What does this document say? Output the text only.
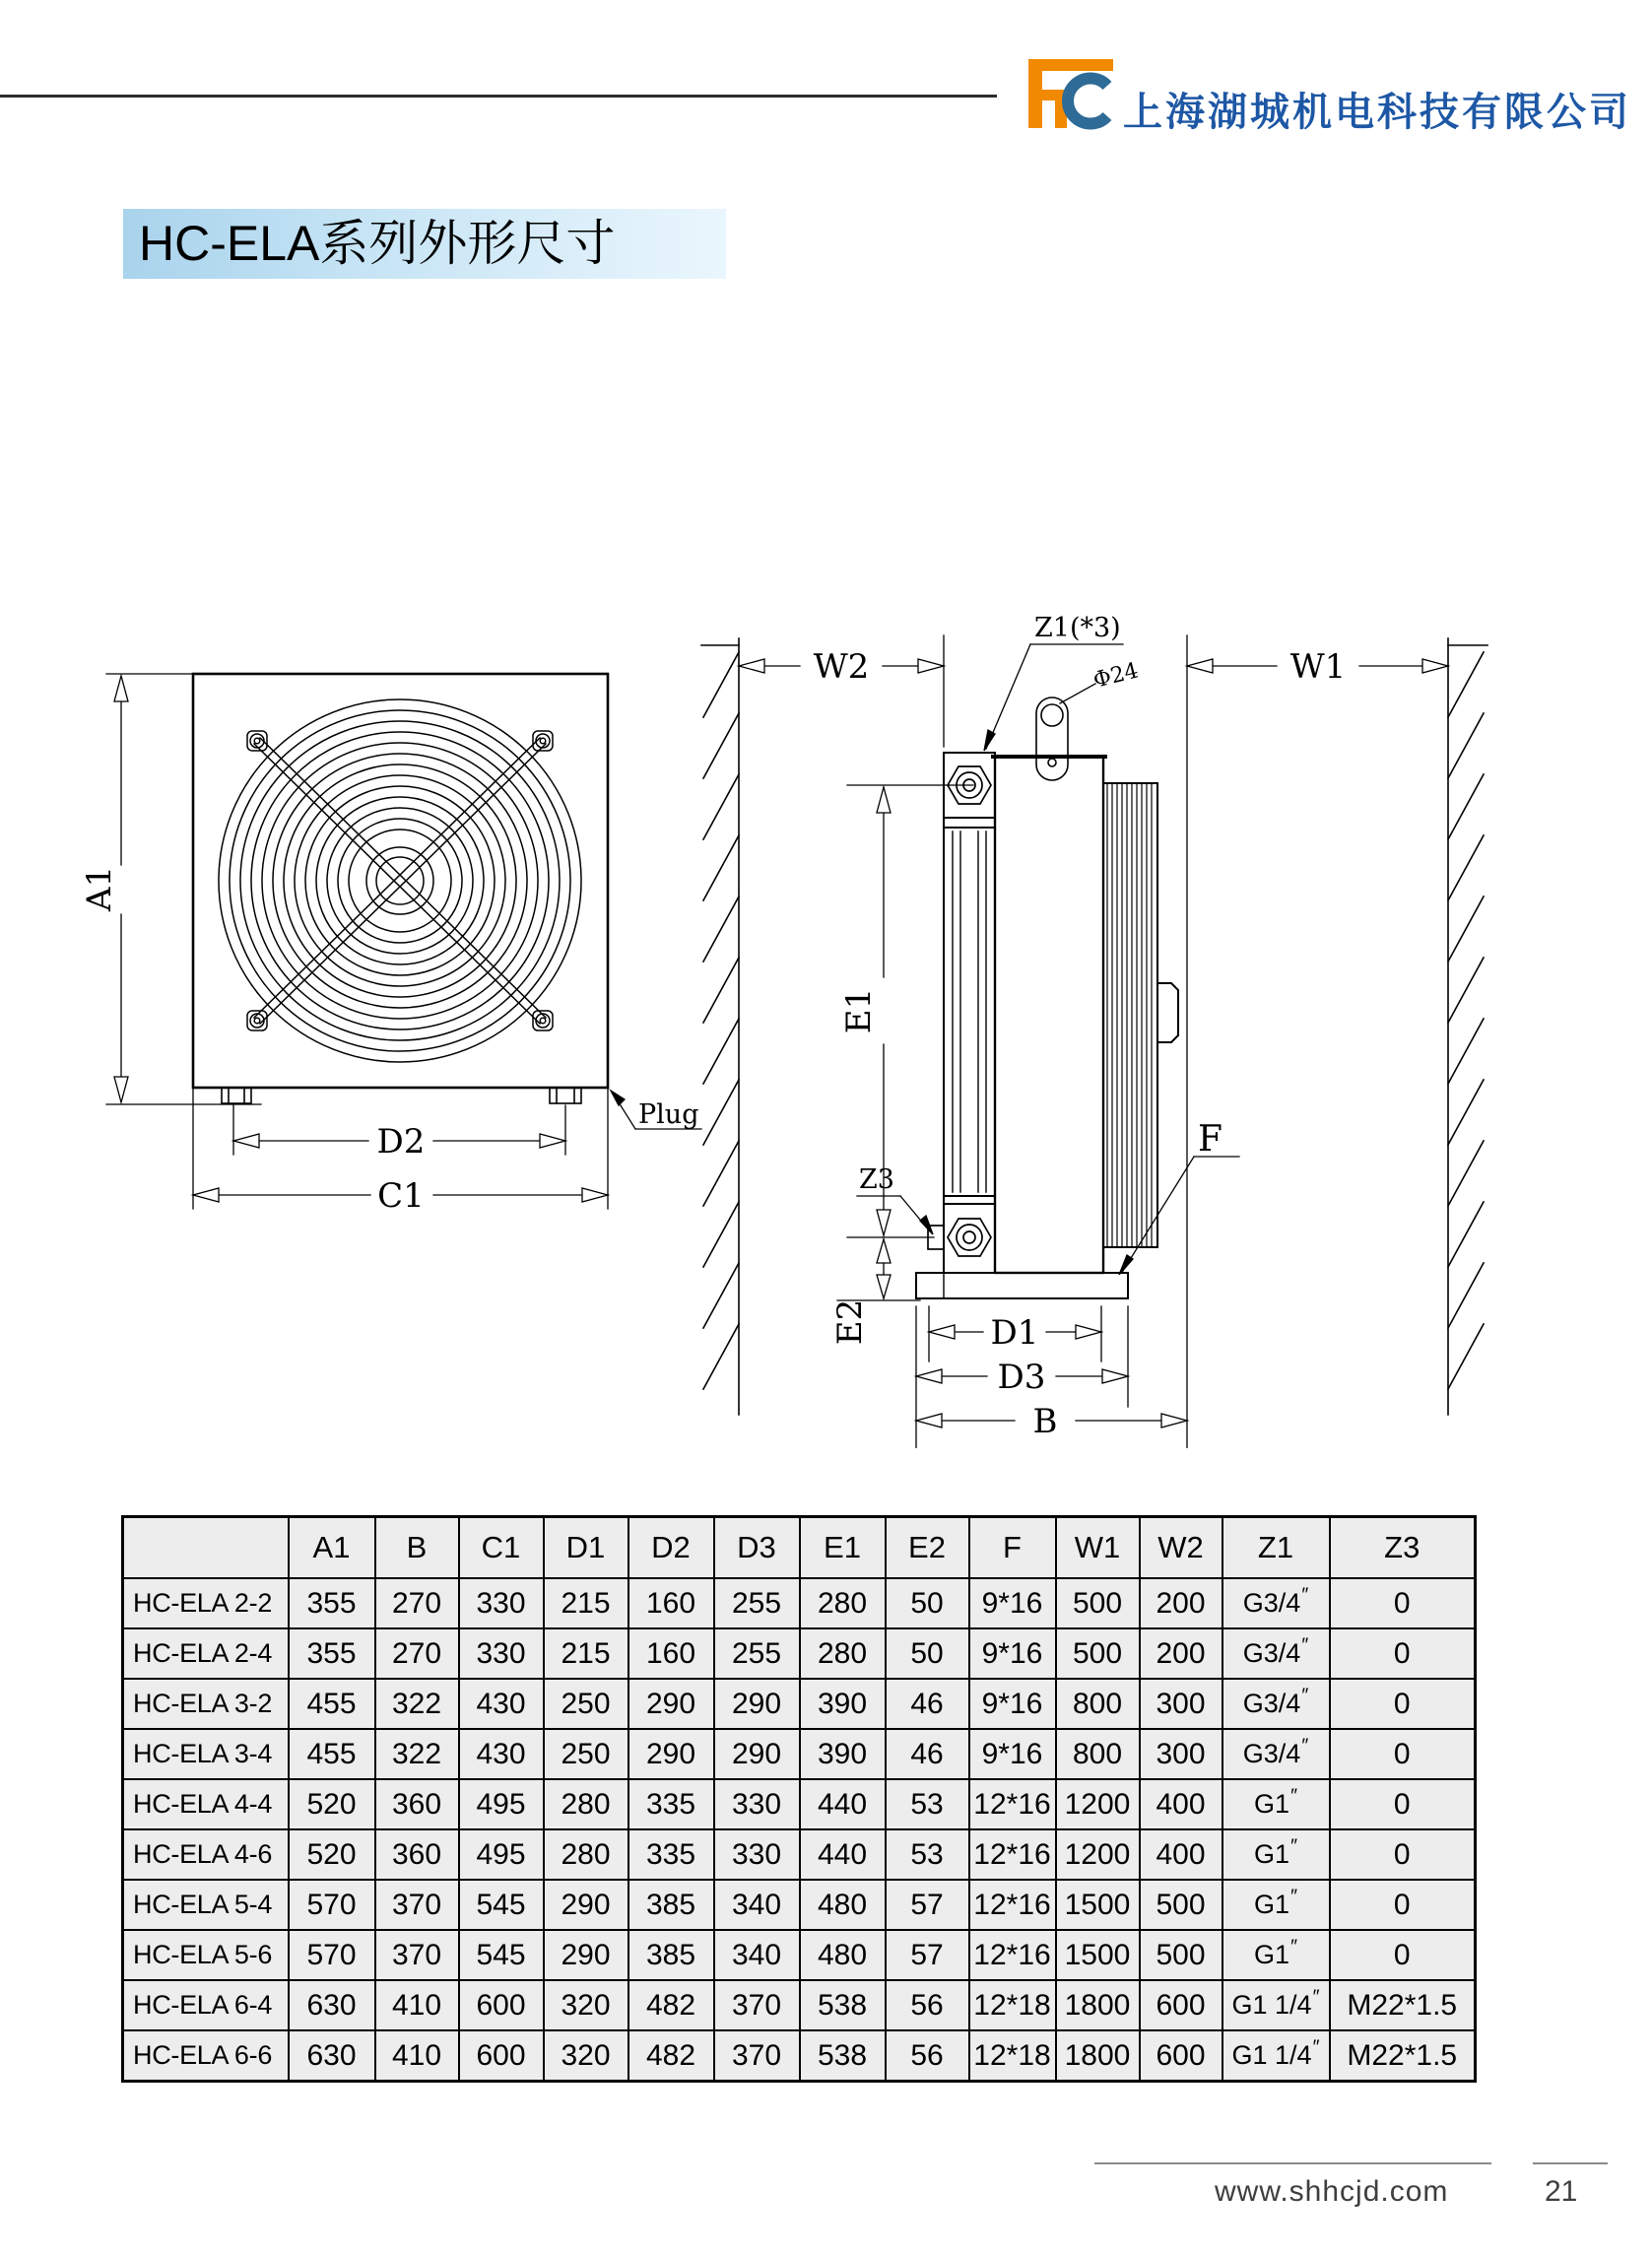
上海湖城机电科技有限公司
HC-ELA系列外形尺寸
A1
D2
C1
Plug
W2	W1
Z1(*3)
Φ24
E1
Z3
E2	D1
D3
B
F
	A1	B	C1	D1	D2	D3	E1	E2	F	W1	W2	Z1	Z3
HC-ELA 2-2	355	270	330	215	160	255	280	50	9*16	500	200	G3/4″	0
HC-ELA 2-4	355	270	330	215	160	255	280	50	9*16	500	200	G3/4″	0
HC-ELA 3-2	455	322	430	250	290	290	390	46	9*16	800	300	G3/4″	0
HC-ELA 3-4	455	322	430	250	290	290	390	46	9*16	800	300	G3/4″	0
HC-ELA 4-4	520	360	495	280	335	330	440	53	12*16	1200	400	G1″	0
HC-ELA 4-6	520	360	495	280	335	330	440	53	12*16	1200	400	G1″	0
HC-ELA 5-4	570	370	545	290	385	340	480	57	12*16	1500	500	G1″	0
HC-ELA 5-6	570	370	545	290	385	340	480	57	12*16	1500	500	G1″	0
HC-ELA 6-4	630	410	600	320	482	370	538	56	12*18	1800	600	G1 1/4″	M22*1.5
HC-ELA 6-6	630	410	600	320	482	370	538	56	12*18	1800	600	G1 1/4″	M22*1.5
www.shhcjd.com	21
